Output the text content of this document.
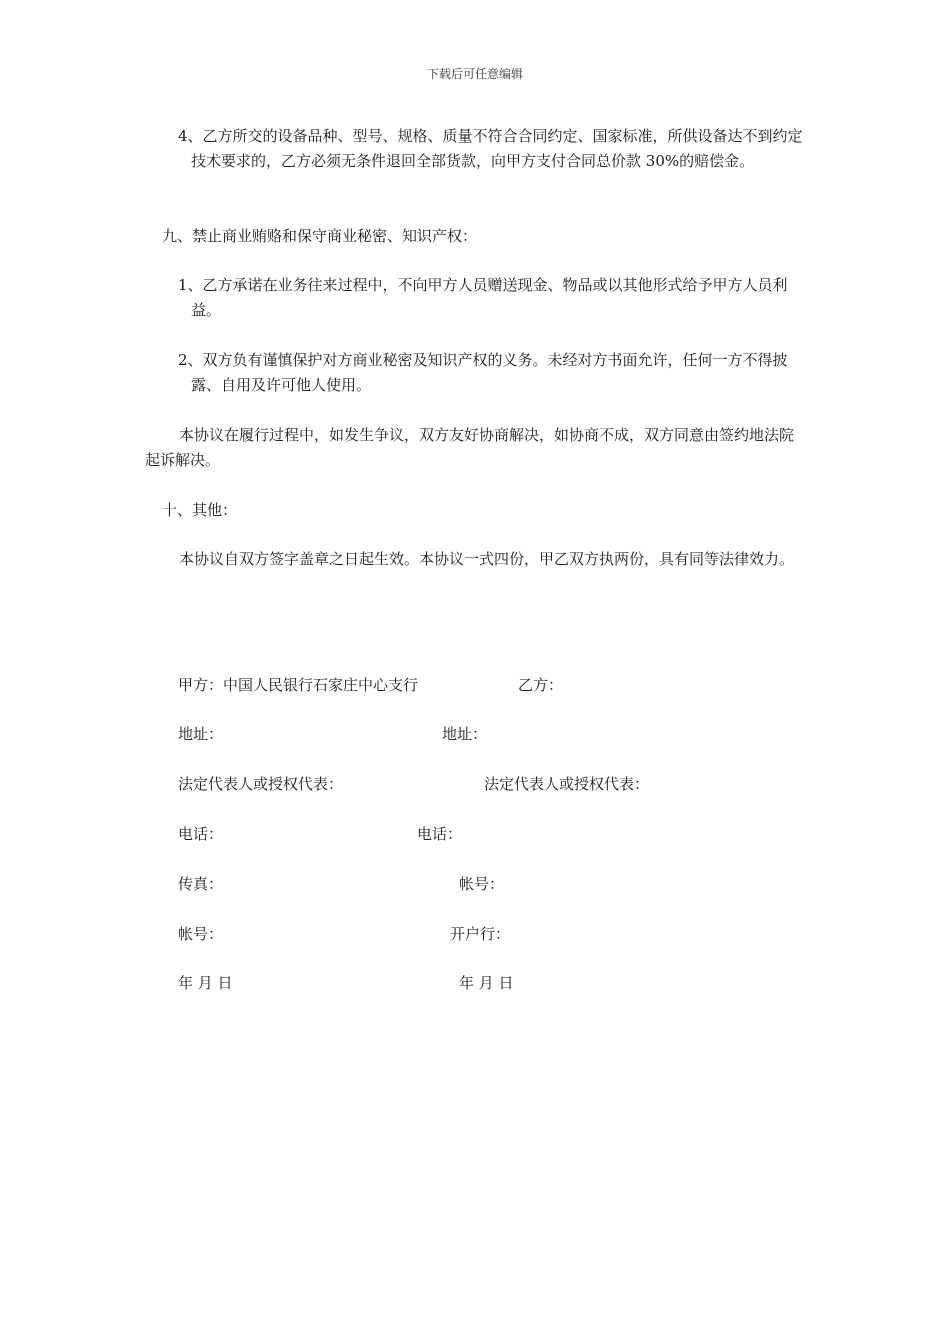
下载后可任意编辑

4、乙方所交的设备品种、型号、规格、质量不符合合同约定、国家标准，所供设备达不到约定技术要求的，乙方必须无条件退回全部货款，向甲方支付合同总价款 30%的赔偿金。

九、禁止商业贿赂和保守商业秘密、知识产权：

1、乙方承诺在业务往来过程中，不向甲方人员赠送现金、物品或以其他形式给予甲方人员利益。

2、双方负有谨慎保护对方商业秘密及知识产权的义务。未经对方书面允许，任何一方不得披露、自用及许可他人使用。

本协议在履行过程中，如发生争议，双方友好协商解决，如协商不成，双方同意由签约地法院起诉解决。

十、其他：

本协议自双方签字盖章之日起生效。本协议一式四份，甲乙双方执两份，具有同等法律效力。

甲方：中国人民银行石家庄中心支行	乙方：
地址：	地址：
法定代表人或授权代表：	法定代表人或授权代表：
电话：	电话：
传真：	帐号：
帐号：	开户行：
年 月 日	年 月 日
